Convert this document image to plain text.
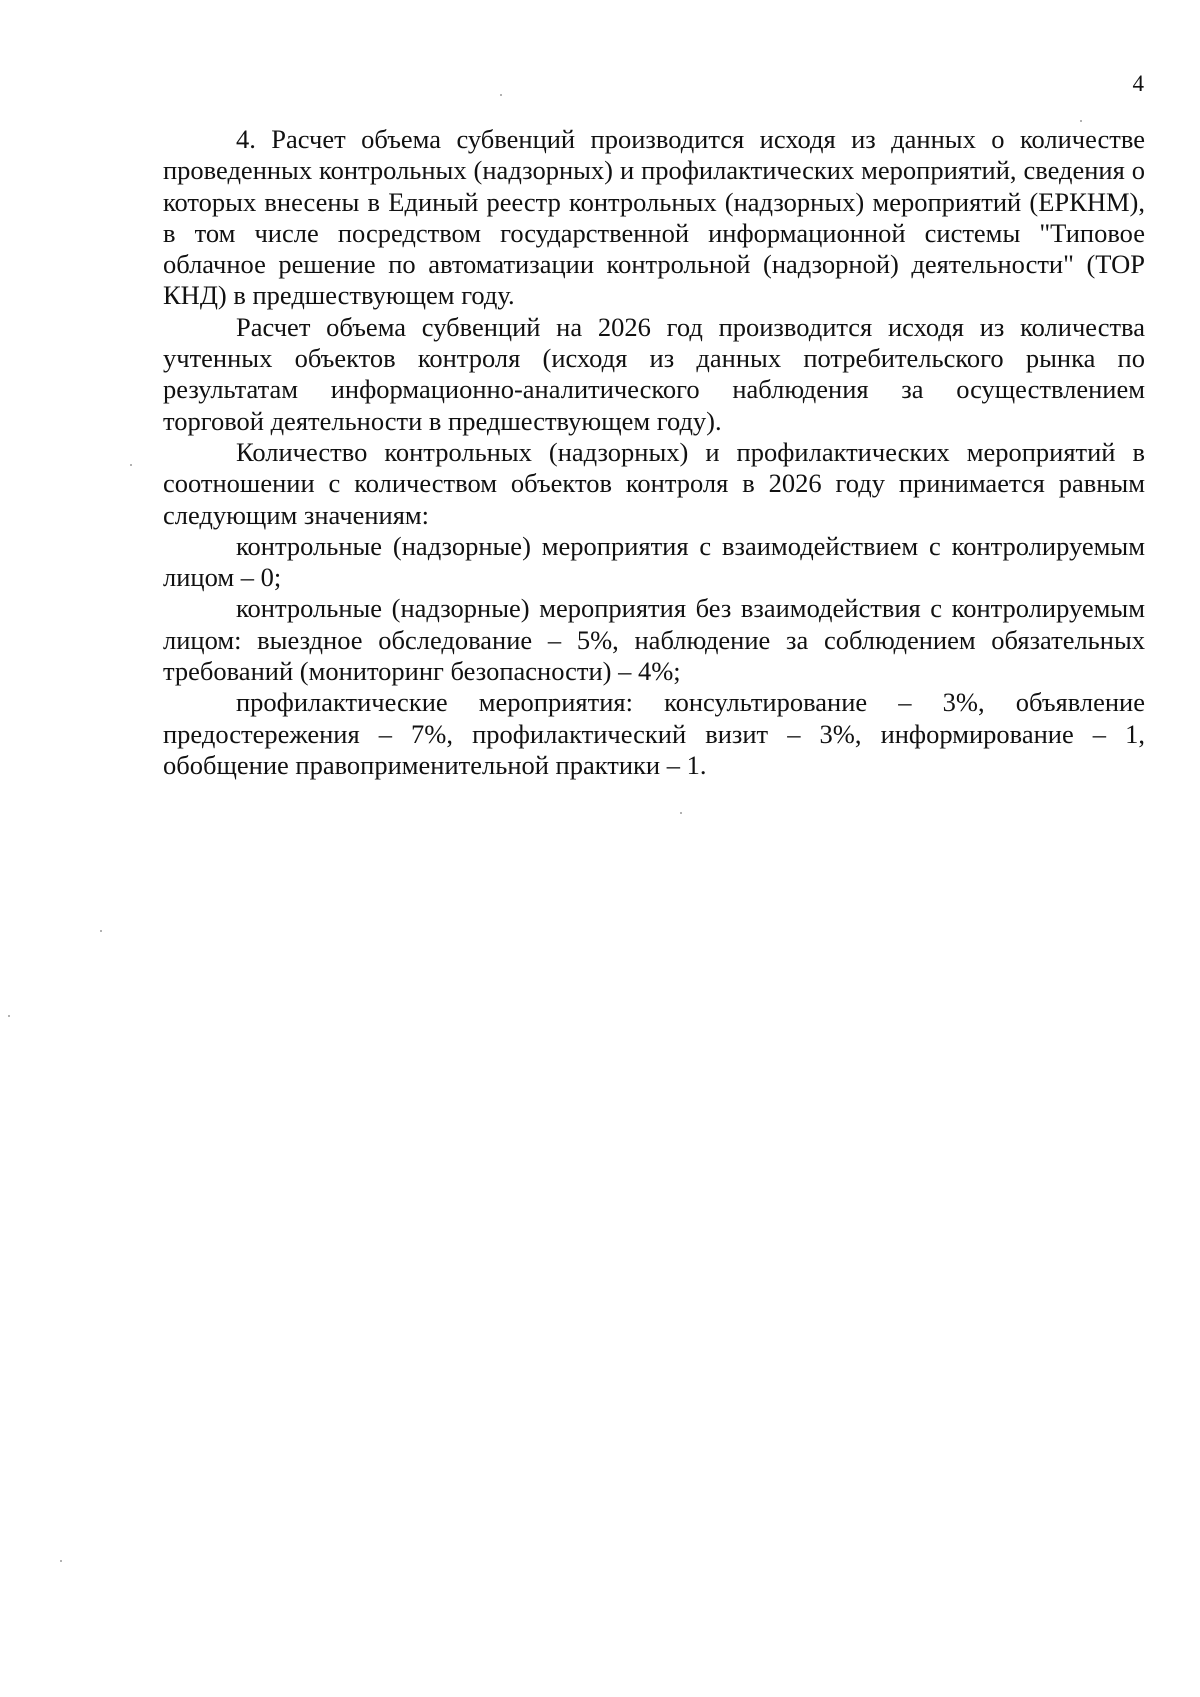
4

4. Расчет объема субвенций производится исходя из данных о количестве проведенных контрольных (надзорных) и профилактических мероприятий, сведения о которых внесены в Единый реестр контрольных (надзорных) мероприятий (ЕРКНМ), в том числе посредством государственной информационной системы "Типовое облачное решение по автоматизации контрольной (надзорной) деятельности" (ТОР КНД) в предшествующем году.

Расчет объема субвенций на 2026 год производится исходя из количества учтенных объектов контроля (исходя из данных потребительского рынка по результатам информационно-аналитического наблюдения за осуществлением торговой деятельности в предшествующем году).

Количество контрольных (надзорных) и профилактических мероприятий в соотношении с количеством объектов контроля в 2026 году принимается равным следующим значениям:

контрольные (надзорные) мероприятия с взаимодействием с контролируемым лицом – 0;

контрольные (надзорные) мероприятия без взаимодействия с контролируемым лицом: выездное обследование – 5%, наблюдение за соблюдением обязательных требований (мониторинг безопасности) – 4%;

профилактические мероприятия: консультирование – 3%, объявление предостережения – 7%, профилактический визит – 3%, информирование – 1, обобщение правоприменительной практики – 1.
